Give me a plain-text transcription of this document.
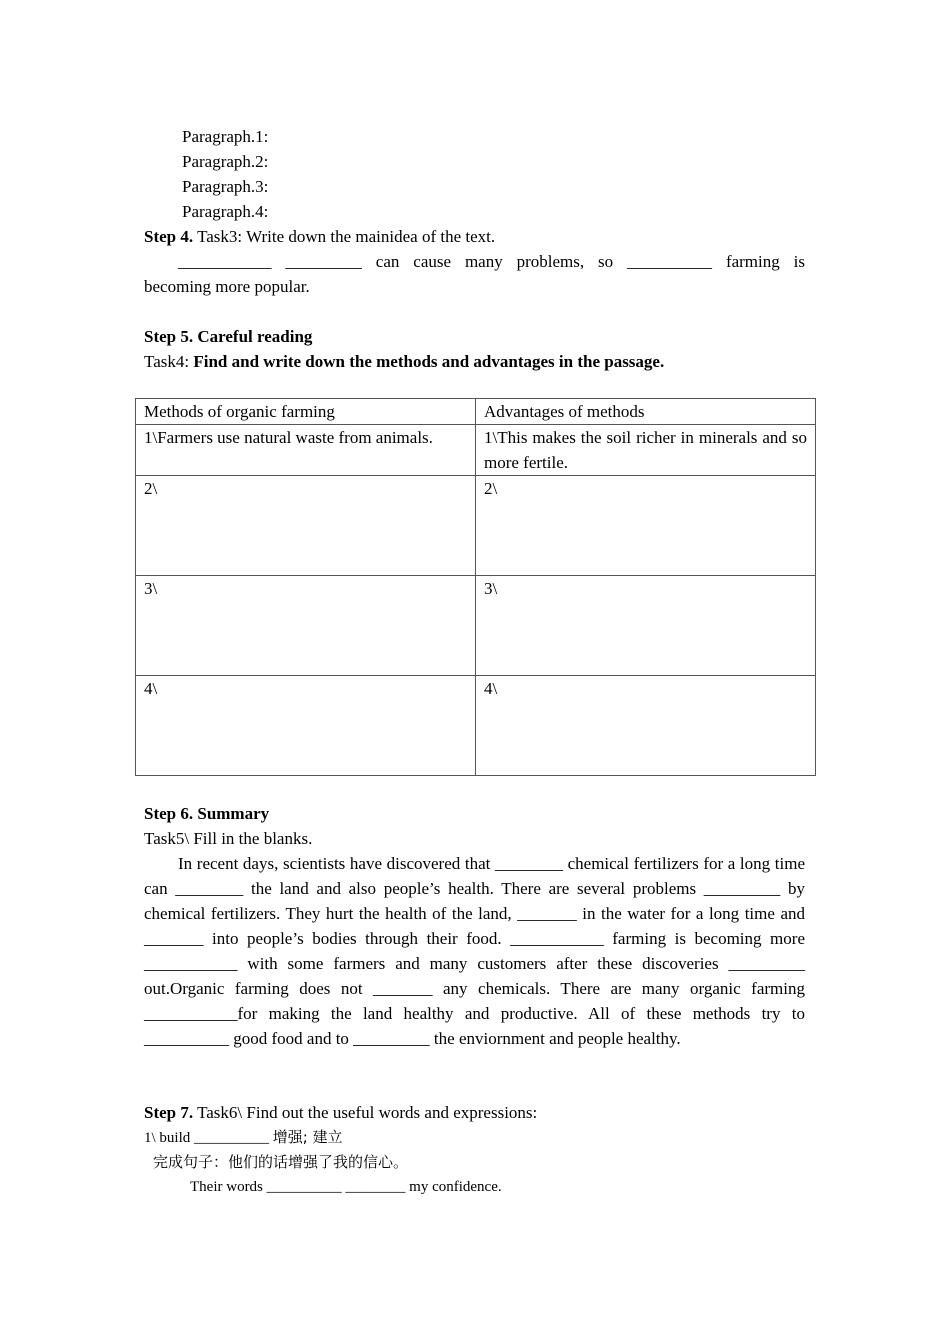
Paragraph.1:
Paragraph.2:
Paragraph.3:
Paragraph.4:
Step 4. Task3: Write down the mainidea of the text.
___________ _________ can cause many problems, so __________ farming is
becoming more popular.
Step 5. Careful reading
Task4: Find and write down the methods and advantages in the passage.
Methods of organic farming	Advantages of methods
1\Farmers use natural waste from animals.	1\This makes the soil richer in minerals and so more fertile.
2\	2\
3\	3\
4\	4\
Step 6. Summary
Task5\ Fill in the blanks.
In recent days, scientists have discovered that ________ chemical fertilizers for a long time can ________ the land and also people’s health. There are several problems _________ by chemical fertilizers. They hurt the health of the land, _______ in the water for a long time and _______ into people’s bodies through their food. ___________ farming is becoming more ___________ with some farmers and many customers after these discoveries _________ out.Organic farming does not _______ any chemicals. There are many organic farming ___________for making the land healthy and productive. All of these methods try to __________ good food and to _________ the enviornment and people healthy.
Step 7. Task6\ Find out the useful words and expressions:
1\ build __________ 增强; 建立
完成句子：他们的话增强了我的信心。
Their words __________ ________ my confidence.
